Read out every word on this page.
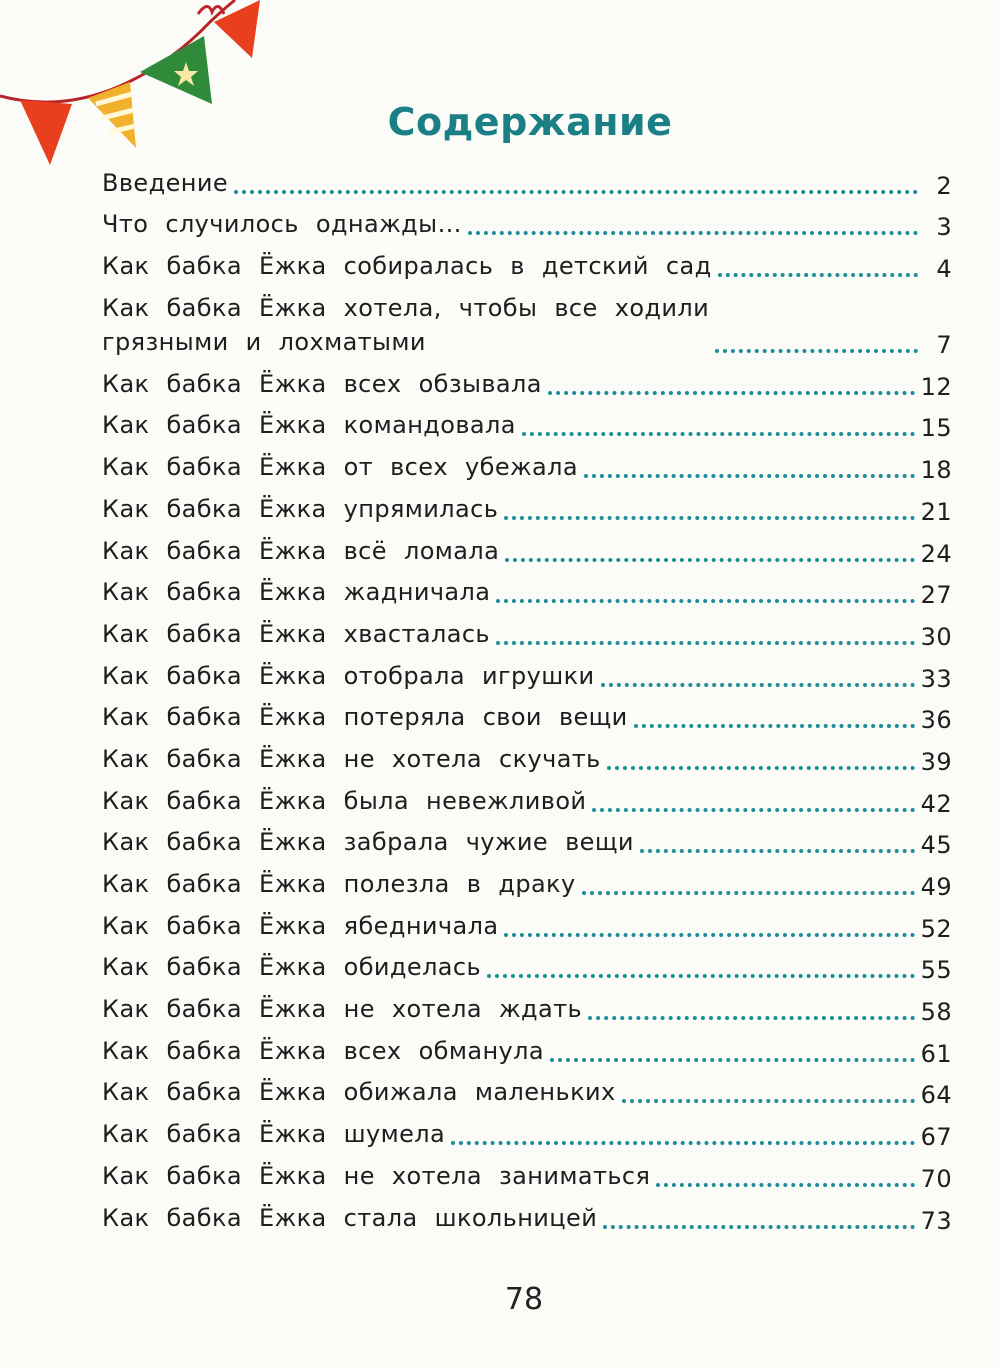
Содержание
Введение	2
Что случилось однажды…	3
Как бабка Ёжка собиралась в детский сад	4
Как бабка Ёжка хотела, чтобы все ходили
грязными и лохматыми	7
Как бабка Ёжка всех обзывала	12
Как бабка Ёжка командовала	15
Как бабка Ёжка от всех убежала	18
Как бабка Ёжка упрямилась	21
Как бабка Ёжка всё ломала	24
Как бабка Ёжка жадничала	27
Как бабка Ёжка хвасталась	30
Как бабка Ёжка отобрала игрушки	33
Как бабка Ёжка потеряла свои вещи	36
Как бабка Ёжка не хотела скучать	39
Как бабка Ёжка была невежливой	42
Как бабка Ёжка забрала чужие вещи	45
Как бабка Ёжка полезла в драку	49
Как бабка Ёжка ябедничала	52
Как бабка Ёжка обиделась	55
Как бабка Ёжка не хотела ждать	58
Как бабка Ёжка всех обманула	61
Как бабка Ёжка обижала маленьких	64
Как бабка Ёжка шумела	67
Как бабка Ёжка не хотела заниматься	70
Как бабка Ёжка стала школьницей	73
78
